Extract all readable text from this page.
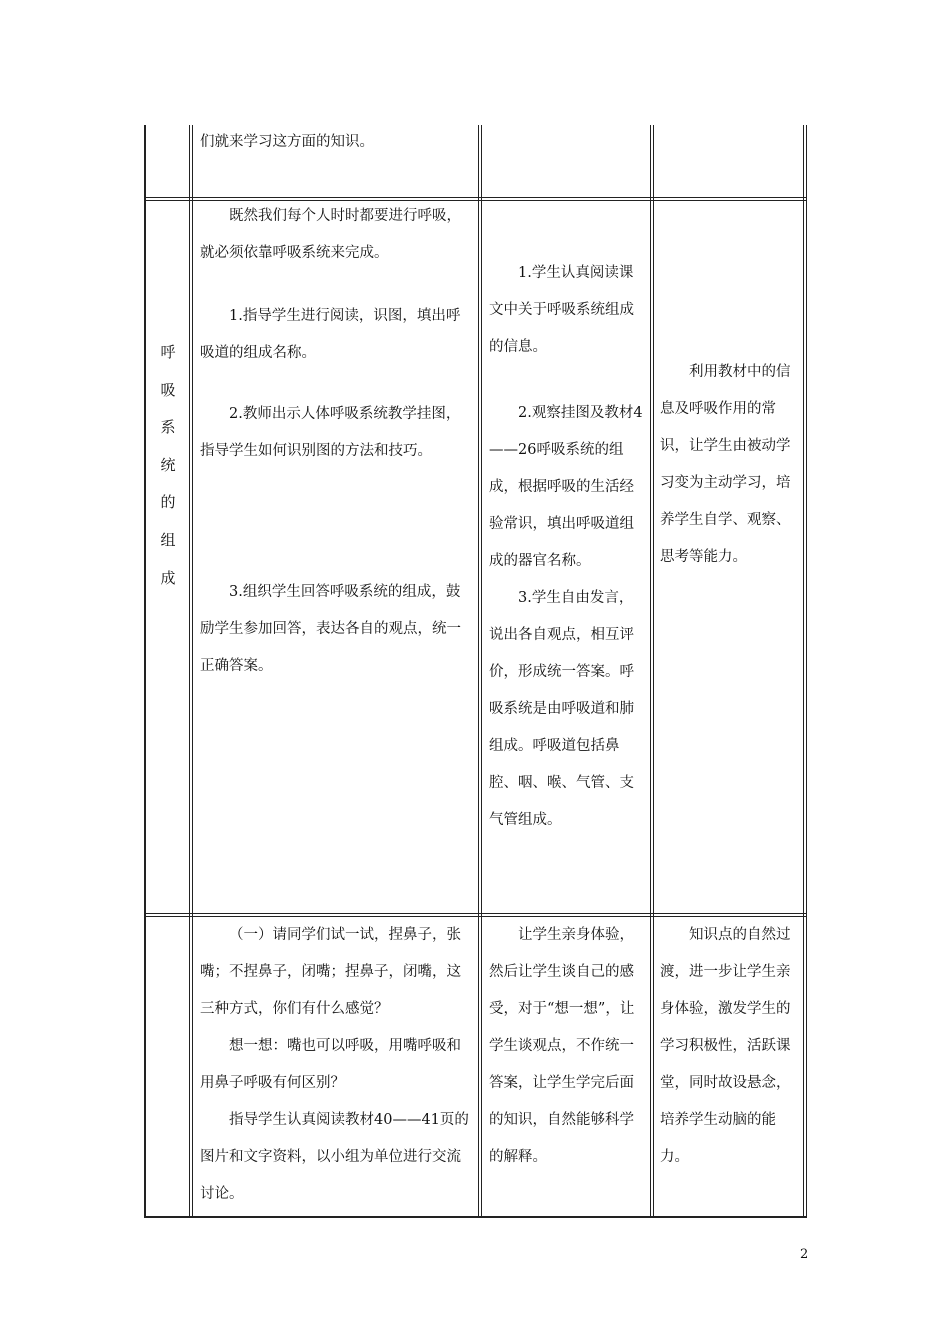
们就来学习这方面的知识。

呼
吸
系
统
的
组
成

既然我们每个人时时都要进行呼吸，就必须依靠呼吸系统来完成。

1.指导学生进行阅读，识图，填出呼吸道的组成名称。

2.教师出示人体呼吸系统教学挂图，指导学生如何识别图的方法和技巧。

3.组织学生回答呼吸系统的组成，鼓励学生参加回答，表达各自的观点，统一正确答案。

1.学生认真阅读课文中关于呼吸系统组成的信息。

2.观察挂图及教材4——26呼吸系统的组成，根据呼吸的生活经验常识，填出呼吸道组成的器官名称。

3.学生自由发言，说出各自观点，相互评价，形成统一答案。呼吸系统是由呼吸道和肺组成。呼吸道包括鼻腔、咽、喉、气管、支气管组成。

利用教材中的信息及呼吸作用的常识，让学生由被动学习变为主动学习，培养学生自学、观察、思考等能力。

（一）请同学们试一试，捏鼻子，张嘴；不捏鼻子，闭嘴；捏鼻子，闭嘴，这三种方式，你们有什么感觉？

想一想：嘴也可以呼吸，用嘴呼吸和用鼻子呼吸有何区别？

指导学生认真阅读教材40——41页的图片和文字资料，以小组为单位进行交流讨论。

让学生亲身体验，然后让学生谈自己的感受，对于“想一想”，让学生谈观点，不作统一答案，让学生学完后面的知识，自然能够科学的解释。

知识点的自然过渡，进一步让学生亲身体验，激发学生的学习积极性，活跃课堂，同时故设悬念，培养学生动脑的能力。

2
